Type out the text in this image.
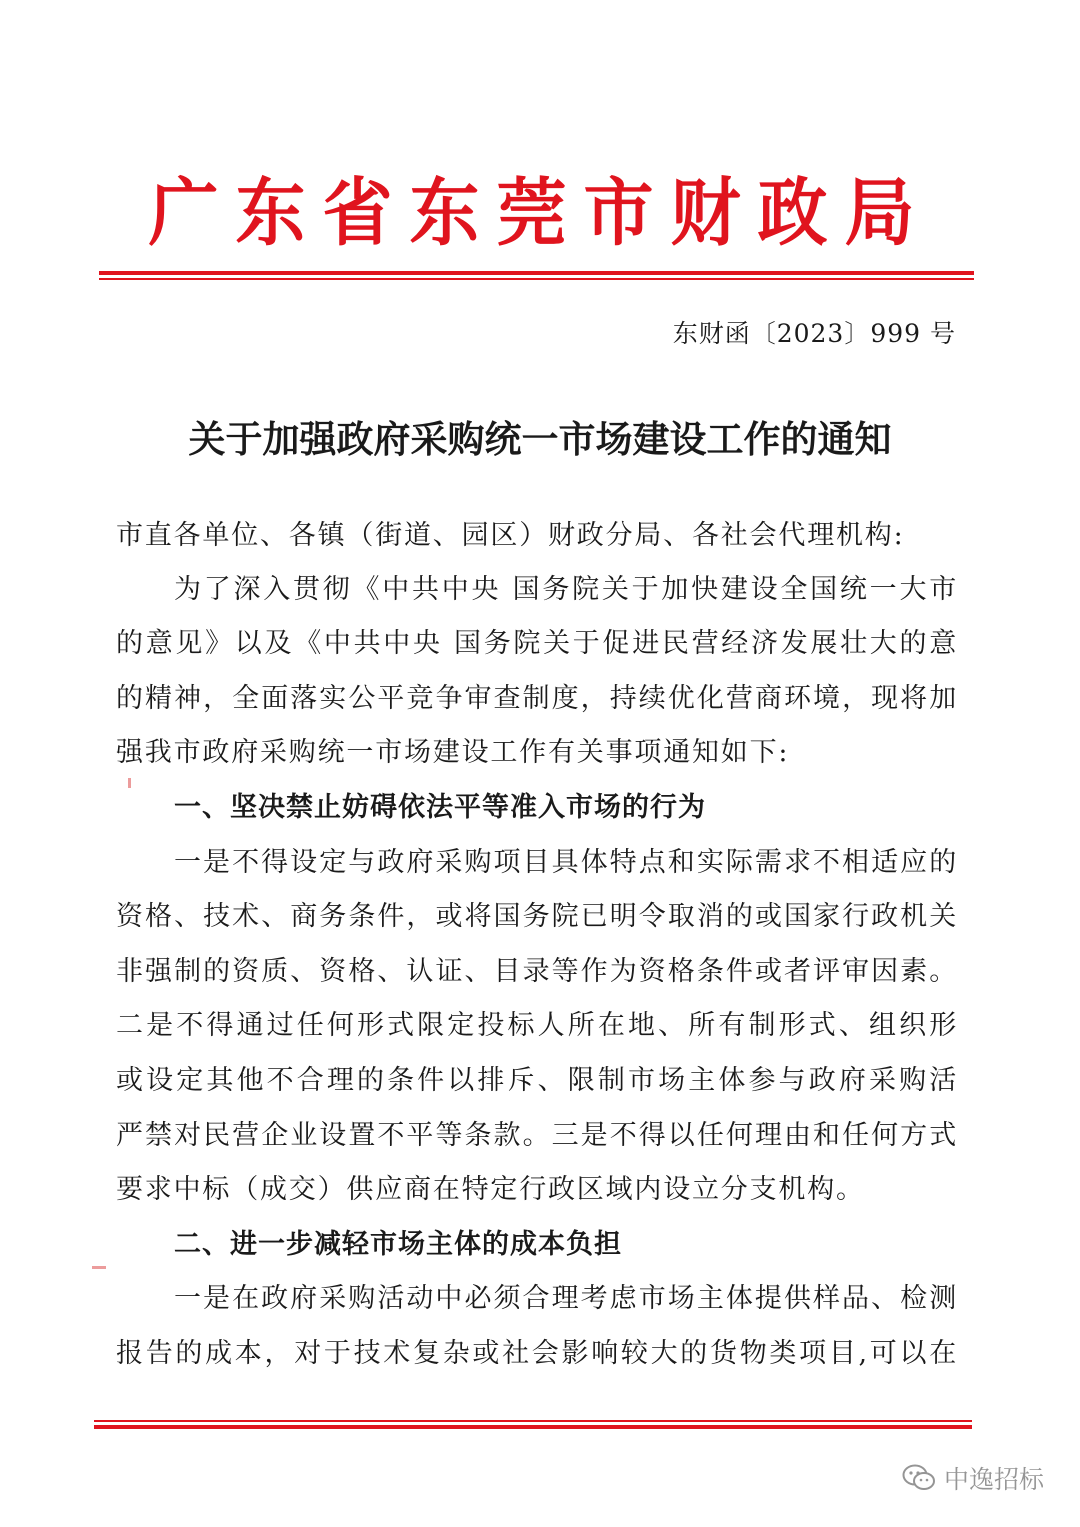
广东省东莞市财政局
东财函〔2023〕999 号
关于加强政府采购统一市场建设工作的通知
市直各单位、各镇（街道、园区）财政分局、各社会代理机构:
为了深入贯彻《中共中央 国务院关于加快建设全国统一大市
的意见》以及《中共中央 国务院关于促进民营经济发展壮大的意
的精神，全面落实公平竞争审查制度，持续优化营商环境，现将加
强我市政府采购统一市场建设工作有关事项通知如下:
一、坚决禁止妨碍依法平等准入市场的行为
一是不得设定与政府采购项目具体特点和实际需求不相适应的
资格、技术、商务条件，或将国务院已明令取消的或国家行政机关
非强制的资质、资格、认证、目录等作为资格条件或者评审因素。
二是不得通过任何形式限定投标人所在地、所有制形式、组织形
或设定其他不合理的条件以排斥、限制市场主体参与政府采购活
严禁对民营企业设置不平等条款。三是不得以任何理由和任何方式
要求中标（成交）供应商在特定行政区域内设立分支机构。
二、进一步减轻市场主体的成本负担
一是在政府采购活动中必须合理考虑市场主体提供样品、检测
报告的成本，对于技术复杂或社会影响较大的货物类项目,可以在
中逸招标
